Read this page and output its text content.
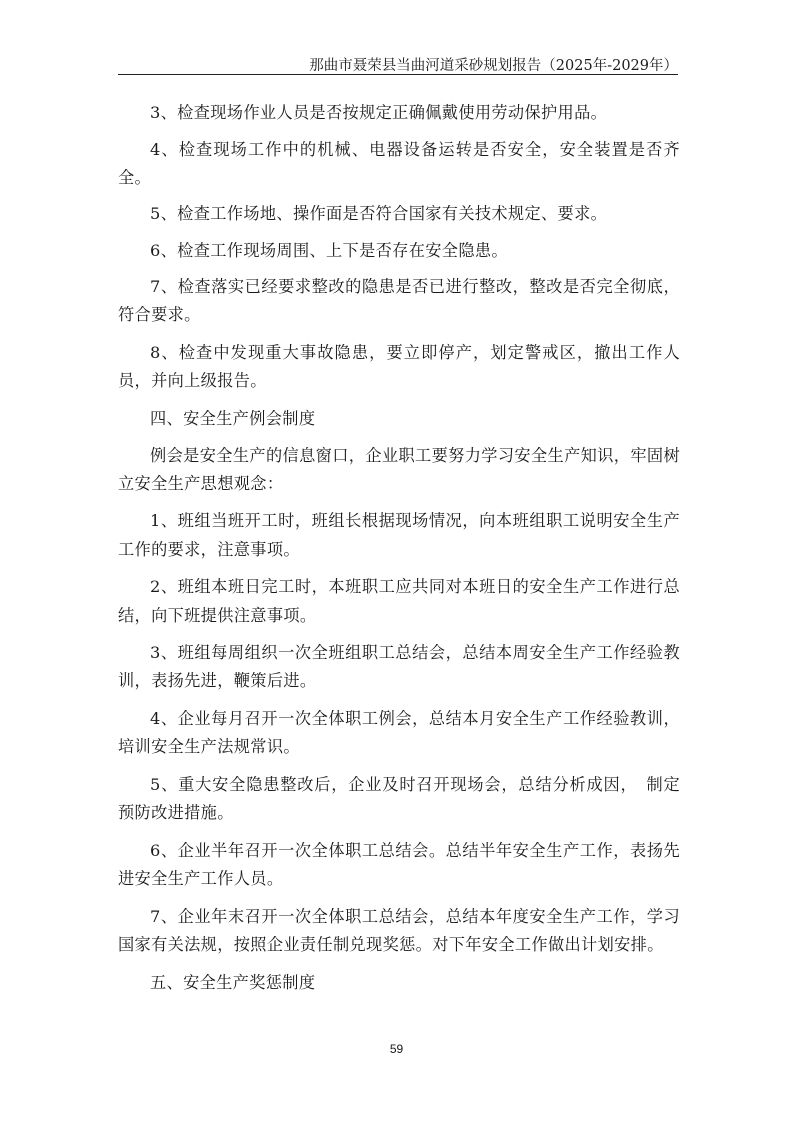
那曲市聂荣县当曲河道采砂规划报告（2025年-2029年）

3、检查现场作业人员是否按规定正确佩戴使用劳动保护用品。

4、检查现场工作中的机械、电器设备运转是否安全，安全装置是否齐全。

5、检查工作场地、操作面是否符合国家有关技术规定、要求。

6、检查工作现场周围、上下是否存在安全隐患。

7、检查落实已经要求整改的隐患是否已进行整改，整改是否完全彻底，符合要求。

8、检查中发现重大事故隐患，要立即停产，划定警戒区，撤出工作人员，并向上级报告。

四、安全生产例会制度

例会是安全生产的信息窗口，企业职工要努力学习安全生产知识，牢固树立安全生产思想观念：

1、班组当班开工时，班组长根据现场情况，向本班组职工说明安全生产工作的要求，注意事项。

2、班组本班日完工时，本班职工应共同对本班日的安全生产工作进行总结，向下班提供注意事项。

3、班组每周组织一次全班组职工总结会，总结本周安全生产工作经验教训，表扬先进，鞭策后进。

4、企业每月召开一次全体职工例会，总结本月安全生产工作经验教训，培训安全生产法规常识。

5、重大安全隐患整改后，企业及时召开现场会，总结分析成因，　制定预防改进措施。

6、企业半年召开一次全体职工总结会。总结半年安全生产工作，表扬先进安全生产工作人员。

7、企业年末召开一次全体职工总结会，总结本年度安全生产工作，学习国家有关法规，按照企业责任制兑现奖惩。对下年安全工作做出计划安排。

五、安全生产奖惩制度

59
